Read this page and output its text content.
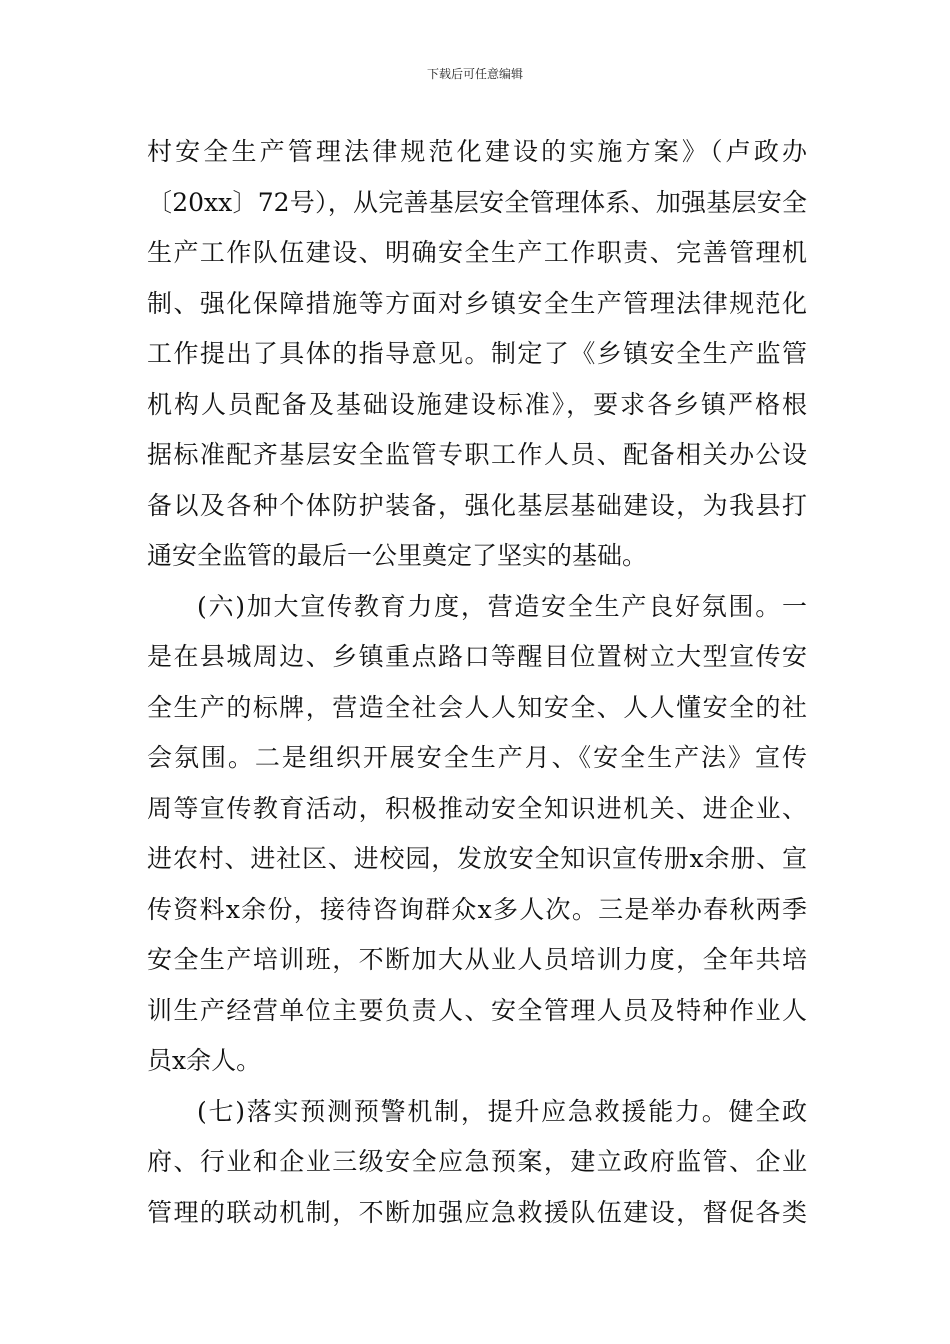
下载后可任意编辑
村安全生产管理法律规范化建设的实施方案》（卢政办
〔20xx〕72号），从完善基层安全管理体系、加强基层安全
生产工作队伍建设、明确安全生产工作职责、完善管理机
制、强化保障措施等方面对乡镇安全生产管理法律规范化
工作提出了具体的指导意见。制定了《乡镇安全生产监管
机构人员配备及基础设施建设标准》，要求各乡镇严格根
据标准配齐基层安全监管专职工作人员、配备相关办公设
备以及各种个体防护装备，强化基层基础建设，为我县打
通安全监管的最后一公里奠定了坚实的基础。
(六)加大宣传教育力度，营造安全生产良好氛围。一
是在县城周边、乡镇重点路口等醒目位置树立大型宣传安
全生产的标牌，营造全社会人人知安全、人人懂安全的社
会氛围。二是组织开展安全生产月、《安全生产法》宣传
周等宣传教育活动，积极推动安全知识进机关、进企业、
进农村、进社区、进校园，发放安全知识宣传册x余册、宣
传资料x余份，接待咨询群众x多人次。三是举办春秋两季
安全生产培训班，不断加大从业人员培训力度，全年共培
训生产经营单位主要负责人、安全管理人员及特种作业人
员x余人。
(七)落实预测预警机制，提升应急救援能力。健全政
府、行业和企业三级安全应急预案，建立政府监管、企业
管理的联动机制，不断加强应急救援队伍建设，督促各类
